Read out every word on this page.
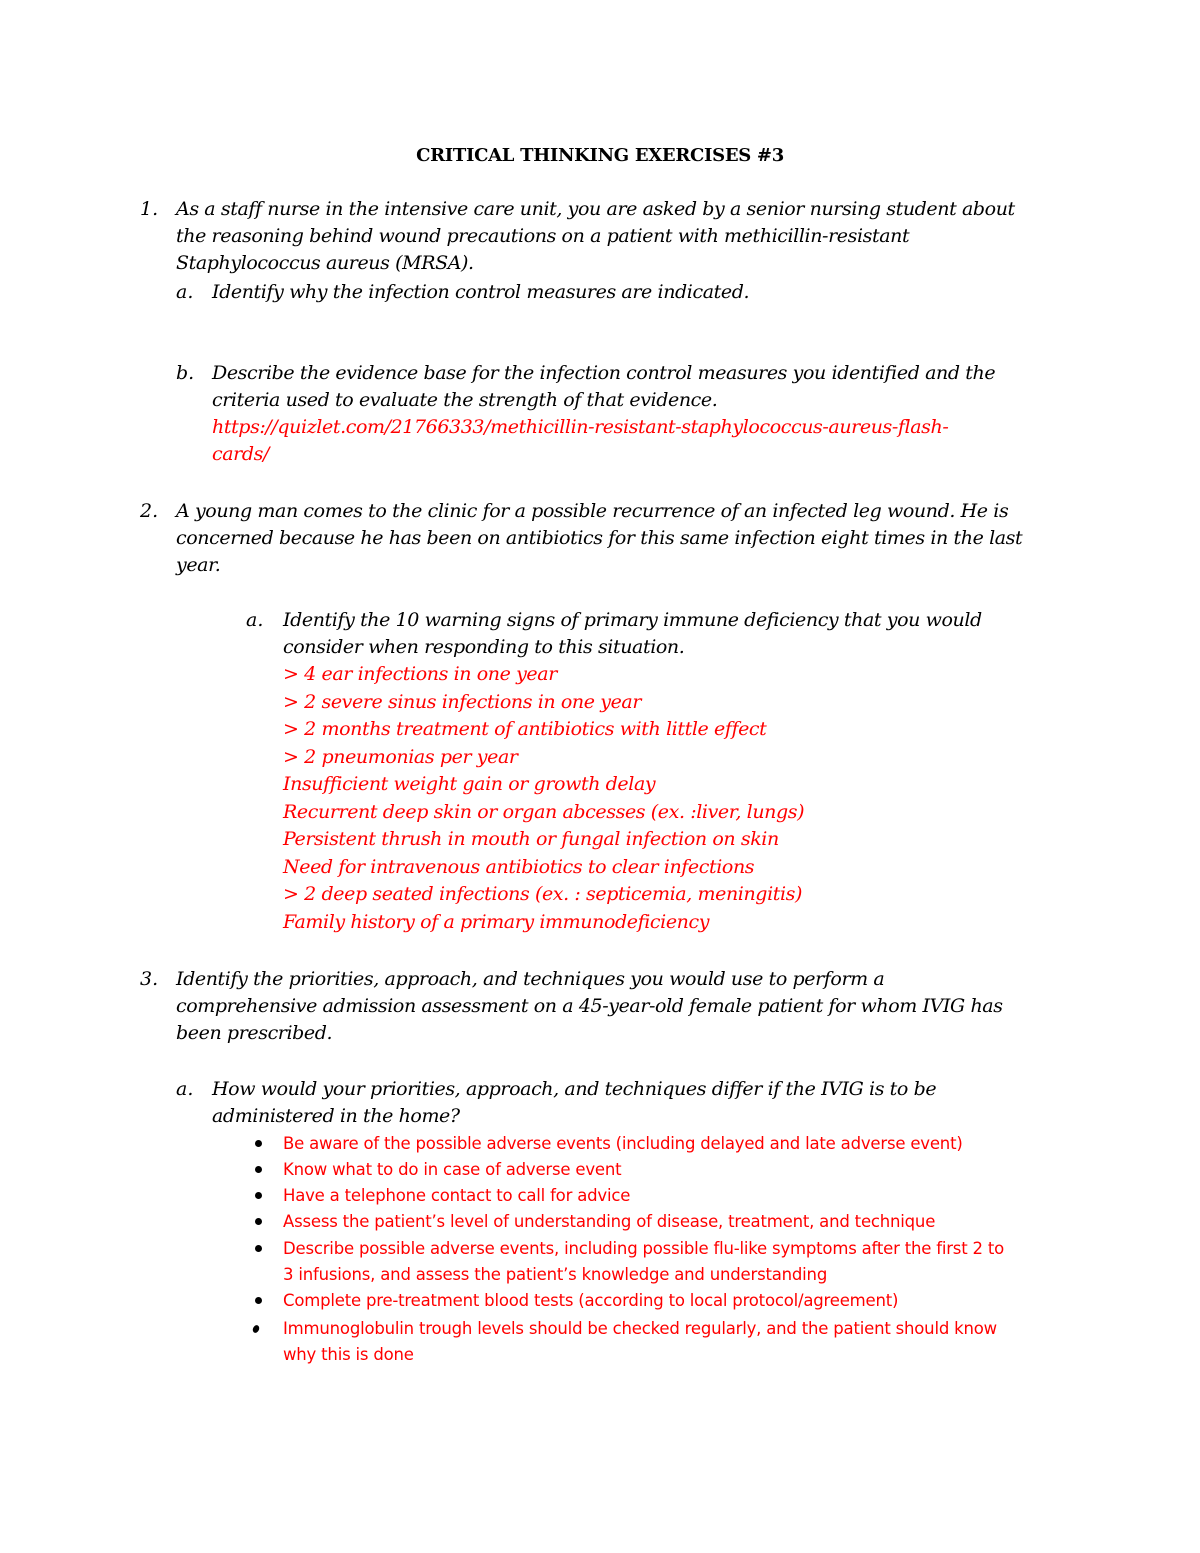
CRITICAL THINKING EXERCISES #3
1. As a staff nurse in the intensive care unit, you are asked by a senior nursing student about
the reasoning behind wound precautions on a patient with methicillin-resistant
Staphylococcus aureus (MRSA).
a. Identify why the infection control measures are indicated.
b. Describe the evidence base for the infection control measures you identified and the
criteria used to evaluate the strength of that evidence.
https://quizlet.com/21766333/methicillin-resistant-staphylococcus-aureus-flash-
cards/
2. A young man comes to the clinic for a possible recurrence of an infected leg wound. He is
concerned because he has been on antibiotics for this same infection eight times in the last
year.
a. Identify the 10 warning signs of primary immune deficiency that you would
consider when responding to this situation.
> 4 ear infections in one year
> 2 severe sinus infections in one year
> 2 months treatment of antibiotics with little effect
> 2 pneumonias per year
Insufficient weight gain or growth delay
Recurrent deep skin or organ abcesses (ex. :liver, lungs)
Persistent thrush in mouth or fungal infection on skin
Need for intravenous antibiotics to clear infections
> 2 deep seated infections (ex. : septicemia, meningitis)
Family history of a primary immunodeficiency
3. Identify the priorities, approach, and techniques you would use to perform a
comprehensive admission assessment on a 45-year-old female patient for whom IVIG has
been prescribed.
a. How would your priorities, approach, and techniques differ if the IVIG is to be
administered in the home?
Be aware of the possible adverse events (including delayed and late adverse event)
Know what to do in case of adverse event
Have a telephone contact to call for advice
Assess the patient’s level of understanding of disease, treatment, and technique
Describe possible adverse events, including possible flu-like symptoms after the first 2 to
3 infusions, and assess the patient’s knowledge and understanding
Complete pre-treatment blood tests (according to local protocol/agreement)
Immunoglobulin trough levels should be checked regularly, and the patient should know
why this is done
